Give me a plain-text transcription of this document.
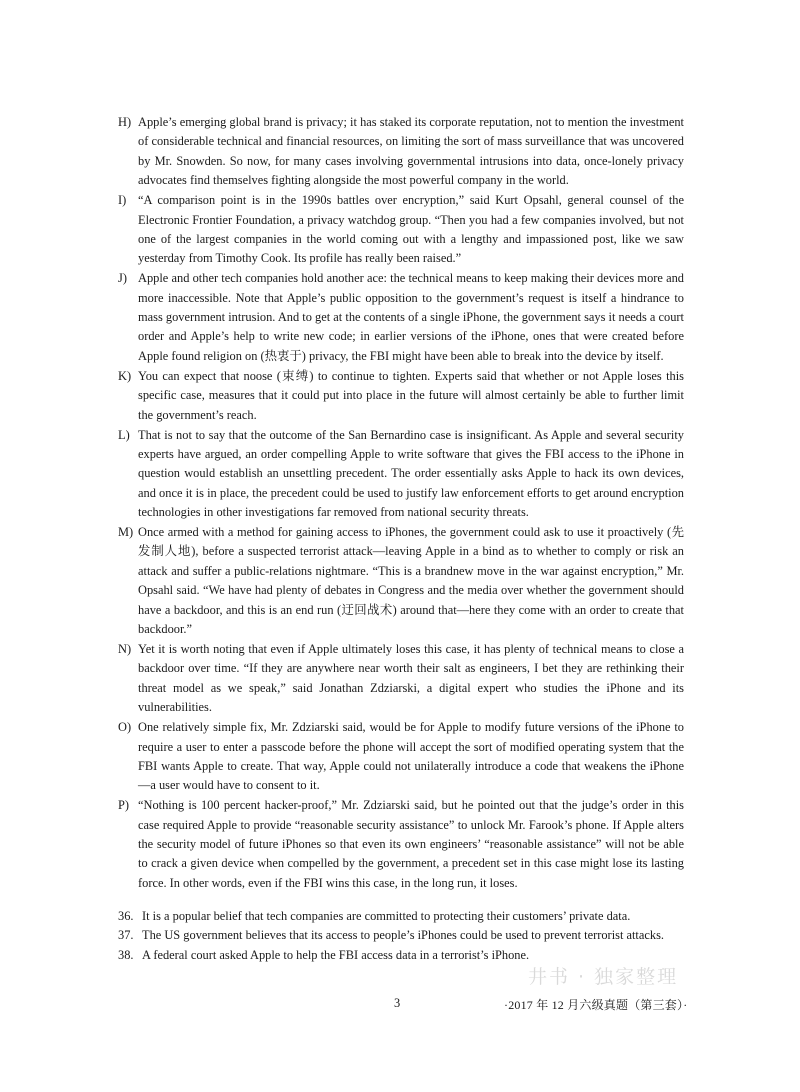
H) Apple’s emerging global brand is privacy; it has staked its corporate reputation, not to mention the investment of considerable technical and financial resources, on limiting the sort of mass surveillance that was uncovered by Mr. Snowden. So now, for many cases involving governmental intrusions into data, once-lonely privacy advocates find themselves fighting alongside the most powerful company in the world.

I) “A comparison point is in the 1990s battles over encryption,” said Kurt Opsahl, general counsel of the Electronic Frontier Foundation, a privacy watchdog group. “Then you had a few companies involved, but not one of the largest companies in the world coming out with a lengthy and impassioned post, like we saw yesterday from Timothy Cook. Its profile has really been raised.”

J) Apple and other tech companies hold another ace: the technical means to keep making their devices more and more inaccessible. Note that Apple’s public opposition to the government’s request is itself a hindrance to mass government intrusion. And to get at the contents of a single iPhone, the government says it needs a court order and Apple’s help to write new code; in earlier versions of the iPhone, ones that were created before Apple found religion on (热衷于) privacy, the FBI might have been able to break into the device by itself.

K) You can expect that noose (束缚) to continue to tighten. Experts said that whether or not Apple loses this specific case, measures that it could put into place in the future will almost certainly be able to further limit the government’s reach.

L) That is not to say that the outcome of the San Bernardino case is insignificant. As Apple and several security experts have argued, an order compelling Apple to write software that gives the FBI access to the iPhone in question would establish an unsettling precedent. The order essentially asks Apple to hack its own devices, and once it is in place, the precedent could be used to justify law enforcement efforts to get around encryption technologies in other investigations far removed from national security threats.

M) Once armed with a method for gaining access to iPhones, the government could ask to use it proactively (先发制人地), before a suspected terrorist attack—leaving Apple in a bind as to whether to comply or risk an attack and suffer a public-relations nightmare. “This is a brandnew move in the war against encryption,” Mr. Opsahl said. “We have had plenty of debates in Congress and the media over whether the government should have a backdoor, and this is an end run (迂回战术) around that—here they come with an order to create that backdoor.”

N) Yet it is worth noting that even if Apple ultimately loses this case, it has plenty of technical means to close a backdoor over time. “If they are anywhere near worth their salt as engineers, I bet they are rethinking their threat model as we speak,” said Jonathan Zdziarski, a digital expert who studies the iPhone and its vulnerabilities.

O) One relatively simple fix, Mr. Zdziarski said, would be for Apple to modify future versions of the iPhone to require a user to enter a passcode before the phone will accept the sort of modified operating system that the FBI wants Apple to create. That way, Apple could not unilaterally introduce a code that weakens the iPhone—a user would have to consent to it.

P) “Nothing is 100 percent hacker-proof,” Mr. Zdziarski said, but he pointed out that the judge’s order in this case required Apple to provide “reasonable security assistance” to unlock Mr. Farook’s phone. If Apple alters the security model of future iPhones so that even its own engineers’ “reasonable assistance” will not be able to crack a given device when compelled by the government, a precedent set in this case might lose its lasting force. In other words, even if the FBI wins this case, in the long run, it loses.

36. It is a popular belief that tech companies are committed to protecting their customers’ private data.

37. The US government believes that its access to people’s iPhones could be used to prevent terrorist attacks.

38. A federal court asked Apple to help the FBI access data in a terrorist’s iPhone.

井书 · 独家整理
3	·2017 年 12 月六级真题（第三套）·
